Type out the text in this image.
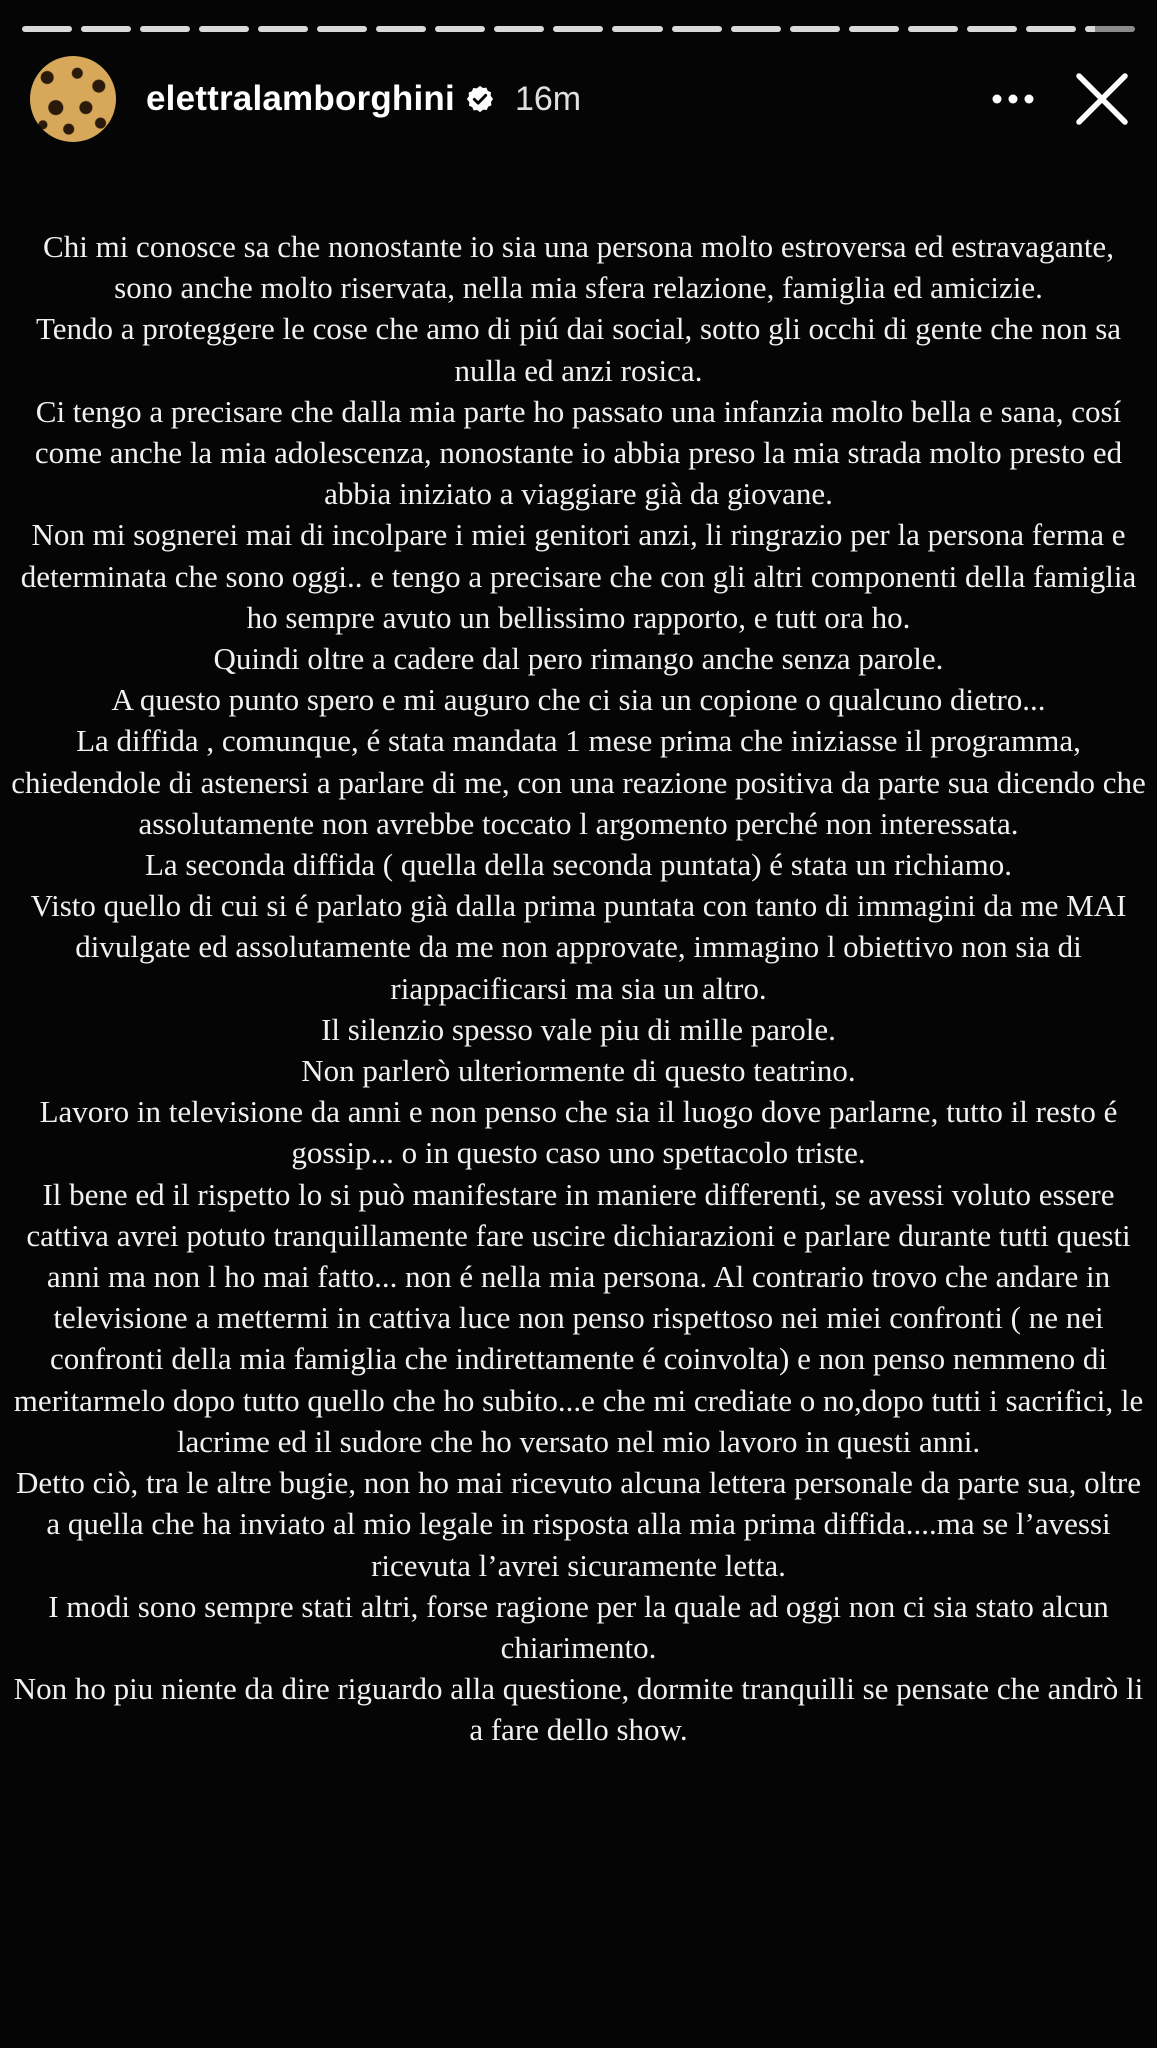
elettralamborghini 16m

Chi mi conosce sa che nonostante io sia una persona molto estroversa ed estravagante, sono anche molto riservata, nella mia sfera relazione, famiglia ed amicizie.

Tendo a proteggere le cose che amo di piú dai social, sotto gli occhi di gente che non sa nulla ed anzi rosica.

Ci tengo a precisare che dalla mia parte ho passato una infanzia molto bella e sana, cosí come anche la mia adolescenza, nonostante io abbia preso la mia strada molto presto ed abbia iniziato a viaggiare già da giovane.

Non mi sognerei mai di incolpare i miei genitori anzi, li ringrazio per la persona ferma e determinata che sono oggi.. e tengo a precisare che con gli altri componenti della famiglia ho sempre avuto un bellissimo rapporto, e tutt ora ho.

Quindi oltre a cadere dal pero rimango anche senza parole.

A questo punto spero e mi auguro che ci sia un copione o qualcuno dietro...

La diffida , comunque, é stata mandata 1 mese prima che iniziasse il programma, chiedendole di astenersi a parlare di me, con una reazione positiva da parte sua dicendo che assolutamente non avrebbe toccato l argomento perché non interessata.

La seconda diffida ( quella della seconda puntata) é stata un richiamo.

Visto quello di cui si é parlato già dalla prima puntata con tanto di immagini da me MAI divulgate ed assolutamente da me non approvate, immagino l obiettivo non sia di riappacificarsi ma sia un altro.

Il silenzio spesso vale piu di mille parole.

Non parlerò ulteriormente di questo teatrino.

Lavoro in televisione da anni e non penso che sia il luogo dove parlarne, tutto il resto é gossip... o in questo caso uno spettacolo triste.

Il bene ed il rispetto lo si può manifestare in maniere differenti, se avessi voluto essere cattiva avrei potuto tranquillamente fare uscire dichiarazioni e parlare durante tutti questi anni ma non l ho mai fatto... non é nella mia persona. Al contrario trovo che andare in televisione a mettermi in cattiva luce non penso rispettoso nei miei confronti ( ne nei confronti della mia famiglia che indirettamente é coinvolta) e non penso nemmeno di meritarmelo dopo tutto quello che ho subito...e che mi crediate o no,dopo tutti i sacrifici, le lacrime ed il sudore che ho versato nel mio lavoro in questi anni.

Detto ciò, tra le altre bugie, non ho mai ricevuto alcuna lettera personale da parte sua, oltre a quella che ha inviato al mio legale in risposta alla mia prima diffida....ma se l’avessi ricevuta l’avrei sicuramente letta.

I modi sono sempre stati altri, forse ragione per la quale ad oggi non ci sia stato alcun chiarimento.

Non ho piu niente da dire riguardo alla questione, dormite tranquilli se pensate che andrò li a fare dello show.
